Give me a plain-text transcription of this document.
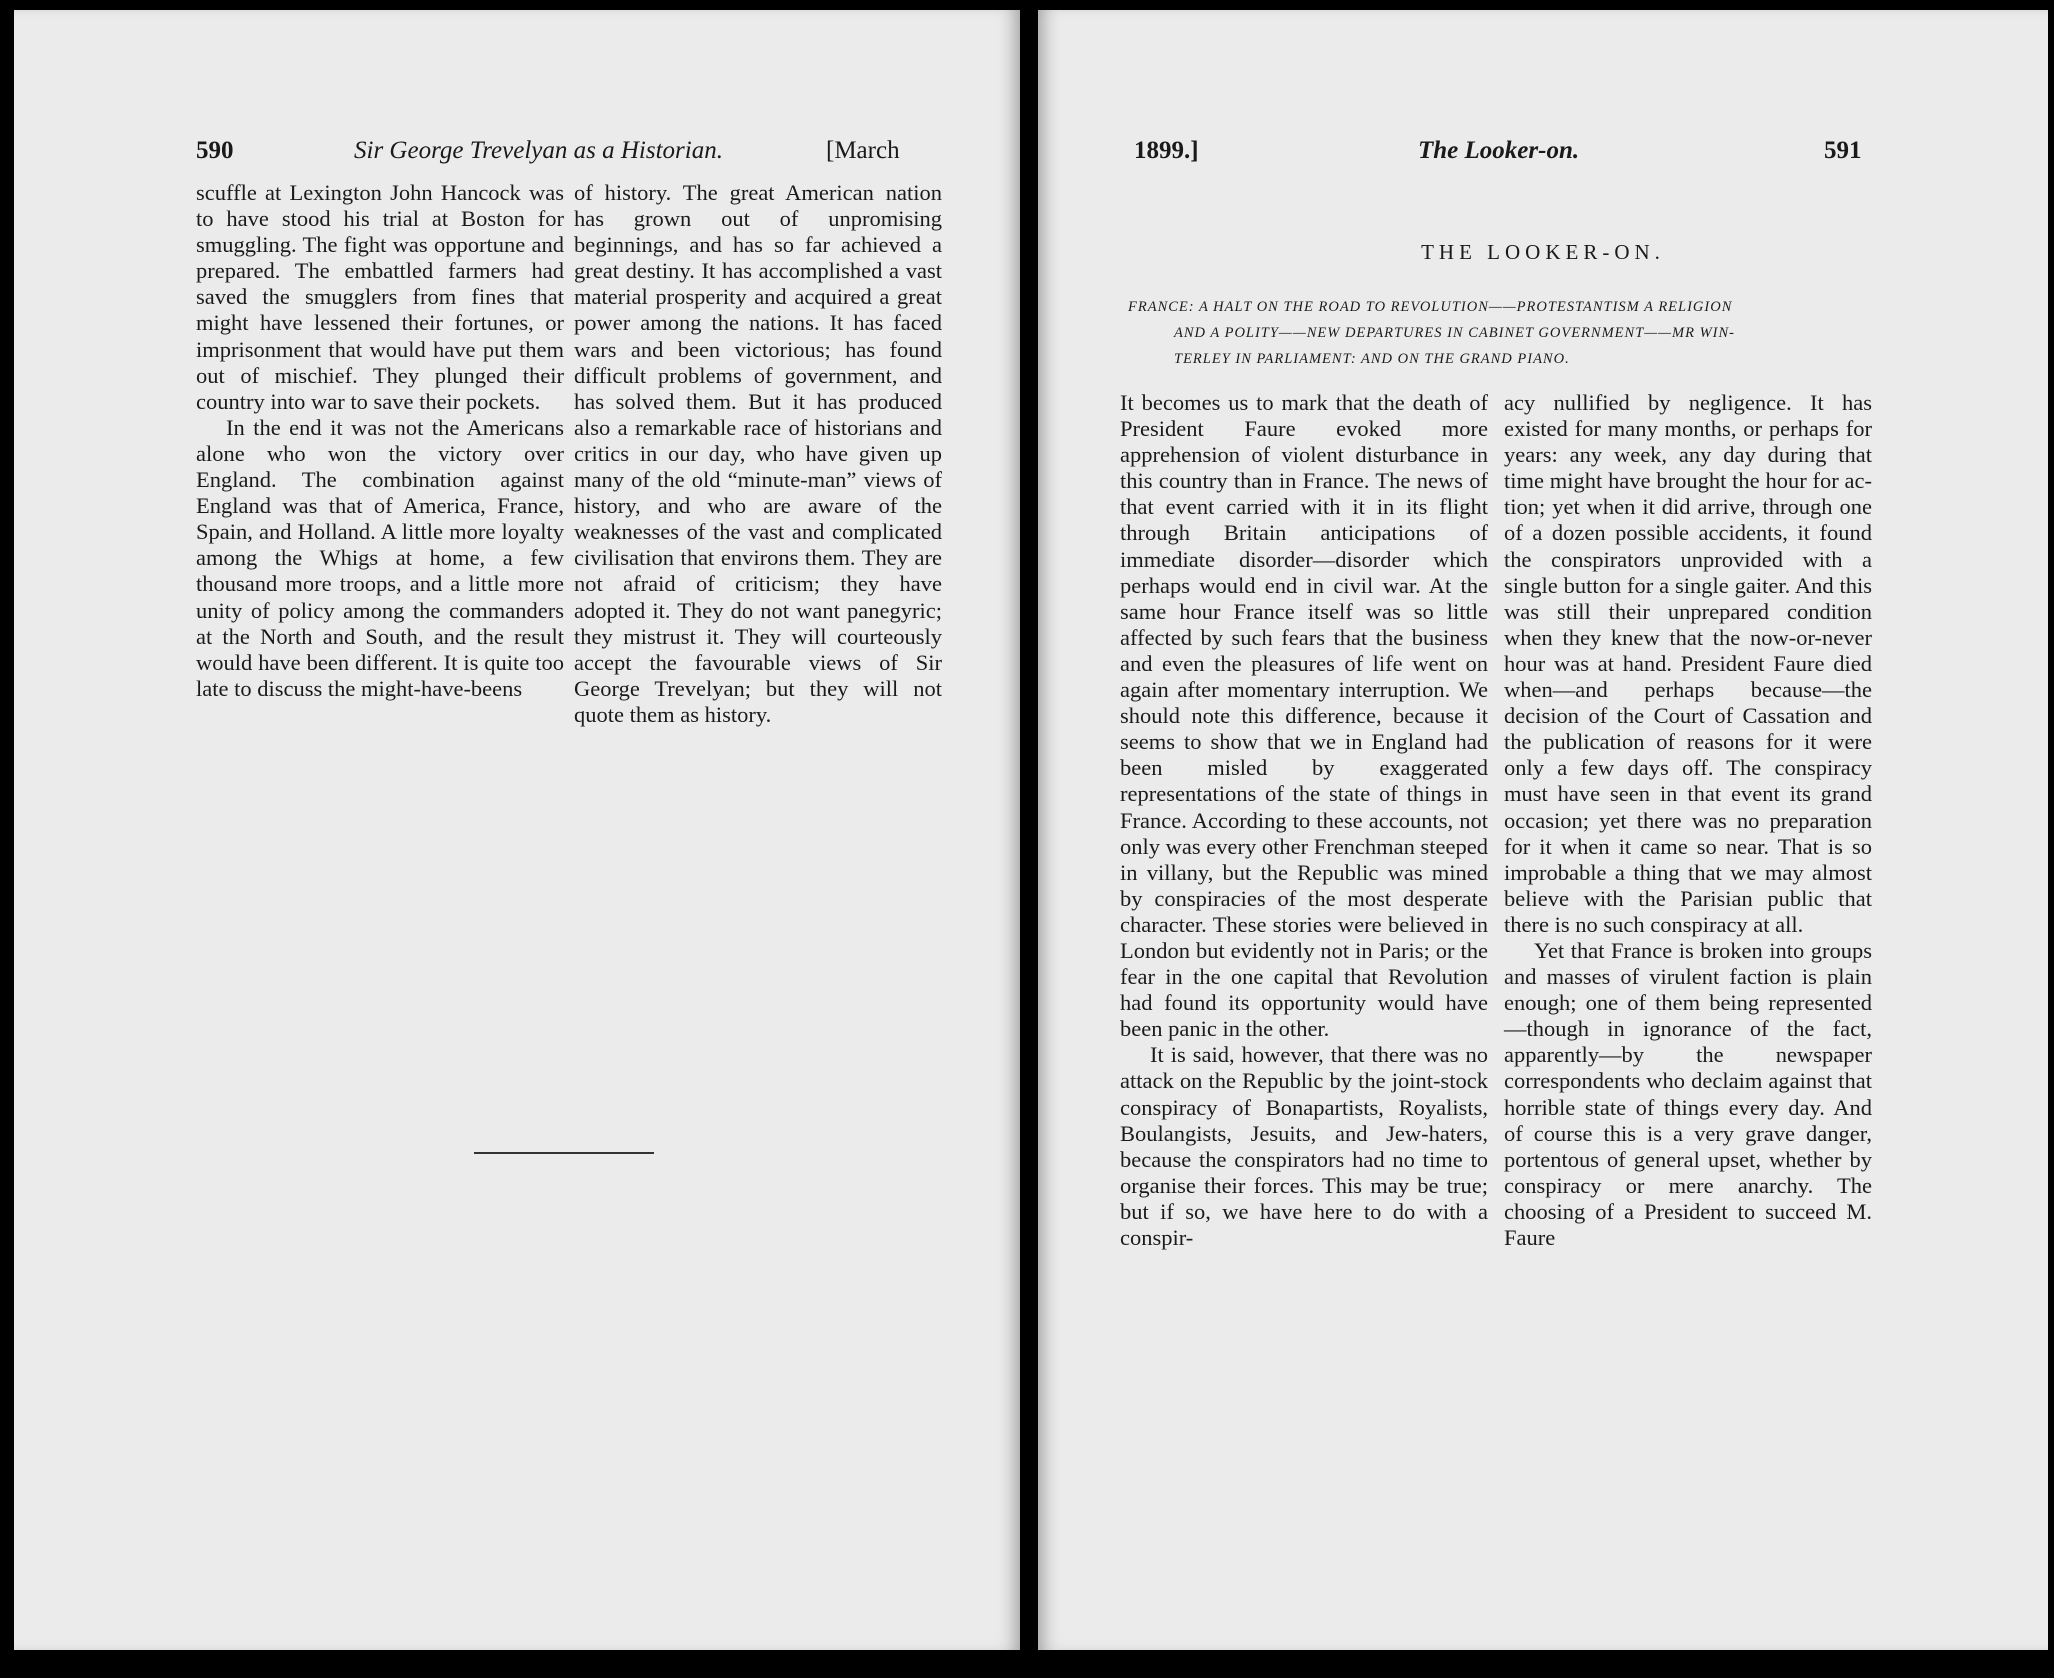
590	Sir George Trevelyan as a Historian.	[March

scuffle at Lexington John Hancock was to have stood his trial at Boston for smuggling. The fight was opportune and prepared. The embattled farmers had saved the smugglers from fines that might have lessened their fortunes, or imprisonment that would have put them out of mischief. They plunged their country into war to save their pockets.

In the end it was not the Americans alone who won the victory over England. The combination against England was that of America, France, Spain, and Holland. A little more loyalty among the Whigs at home, a few thousand more troops, and a little more unity of policy among the commanders at the North and South, and the result would have been different. It is quite too late to discuss the might-have-beens

of history. The great American nation has grown out of unpromising beginnings, and has so far achieved a great destiny. It has accomplished a vast material prosperity and acquired a great power among the nations. It has faced wars and been victorious; has found difficult problems of government, and has solved them. But it has produced also a remarkable race of historians and critics in our day, who have given up many of the old “minute-man” views of history, and who are aware of the weaknesses of the vast and complicated civilisation that environs them. They are not afraid of criticism; they have adopted it. They do not want panegyric; they mistrust it. They will courteously accept the favourable views of Sir George Trevelyan; but they will not quote them as history.

1899.]	The Looker-on.	591
THE LOOKER-ON.
FRANCE: A HALT ON THE ROAD TO REVOLUTION——PROTESTANTISM A RELIGION
AND A POLITY——NEW DEPARTURES IN CABINET GOVERNMENT——MR WIN-
TERLEY IN PARLIAMENT: AND ON THE GRAND PIANO.

It becomes us to mark that the death of President Faure evoked more apprehension of violent disturbance in this country than in France. The news of that event carried with it in its flight through Britain anticipations of immediate disorder—disorder which perhaps would end in civil war. At the same hour France itself was so little affected by such fears that the business and even the pleasures of life went on again after momentary interruption. We should note this difference, because it seems to show that we in England had been misled by exaggerated representations of the state of things in France. According to these accounts, not only was every other Frenchman steeped in villany, but the Republic was mined by conspiracies of the most desperate character. These stories were believed in London but evidently not in Paris; or the fear in the one capital that Revolution had found its opportunity would have been panic in the other.

It is said, however, that there was no attack on the Republic by the joint-stock conspiracy of Bonapartists, Royalists, Boulangists, Jesuits, and Jew-haters, because the conspirators had no time to organise their forces. This may be true; but if so, we have here to do with a conspir-

acy nullified by negligence. It has existed for many months, or perhaps for years: any week, any day during that time might have brought the hour for action; yet when it did arrive, through one of a dozen possible accidents, it found the conspirators unprovided with a single button for a single gaiter. And this was still their unprepared condition when they knew that the now-or-never hour was at hand. President Faure died when—and perhaps because—the decision of the Court of Cassation and the publication of reasons for it were only a few days off. The conspiracy must have seen in that event its grand occasion; yet there was no preparation for it when it came so near. That is so improbable a thing that we may almost believe with the Parisian public that there is no such conspiracy at all.

Yet that France is broken into groups and masses of virulent faction is plain enough; one of them being represented —though in ignorance of the fact, apparently—by the newspaper correspondents who declaim against that horrible state of things every day. And of course this is a very grave danger, portentous of general upset, whether by conspiracy or mere anarchy. The choosing of a President to succeed M. Faure
